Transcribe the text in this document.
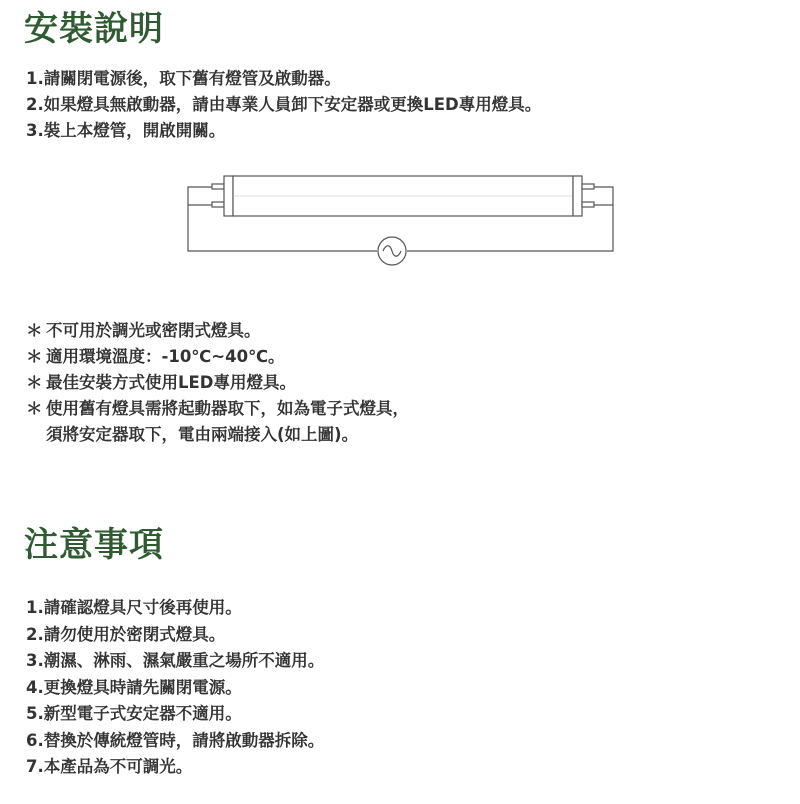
安裝說明
1.請關閉電源後，取下舊有燈管及啟動器。
2.如果燈具無啟動器，請由專業人員卸下安定器或更換LED專用燈具。
3.裝上本燈管，開啟開關。
＊ 不可用於調光或密閉式燈具。
＊ 適用環境溫度：-10℃~40℃。
＊ 最佳安裝方式使用LED專用燈具。
＊ 使用舊有燈具需將起動器取下，如為電子式燈具，
須將安定器取下，電由兩端接入(如上圖)。
注意事項
1.請確認燈具尺寸後再使用。
2.請勿使用於密閉式燈具。
3.潮濕、淋雨、濕氣嚴重之場所不適用。
4.更換燈具時請先關閉電源。
5.新型電子式安定器不適用。
6.替換於傳統燈管時，請將啟動器拆除。
7.本產品為不可調光。
